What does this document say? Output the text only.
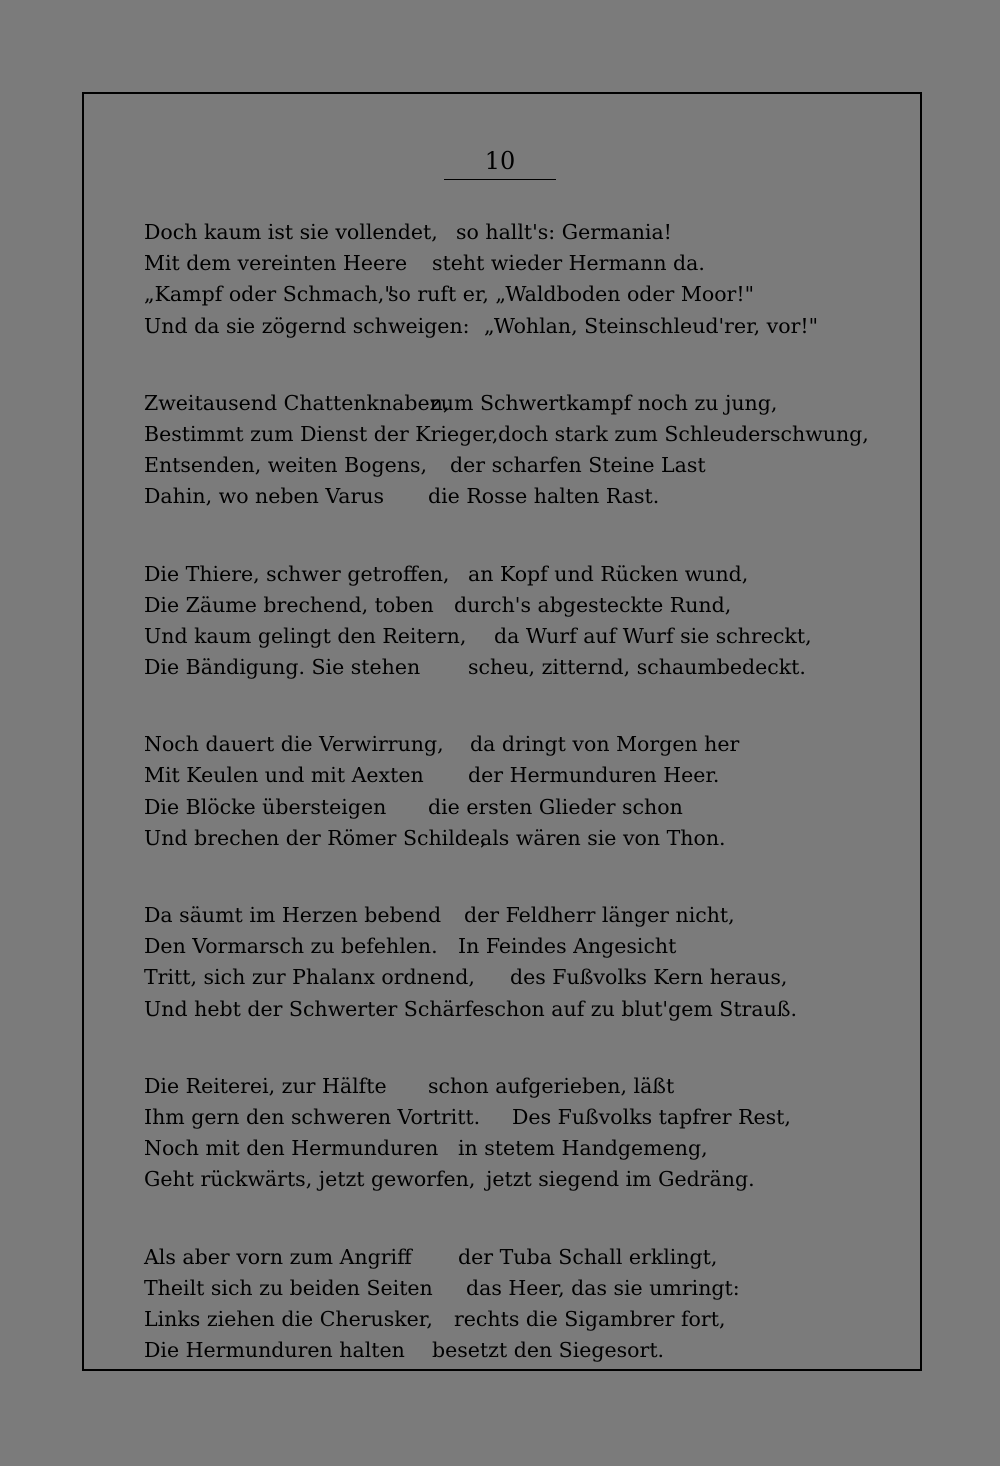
10
Doch kaum ist sie vollendet, so hallt's: Germania!
Mit dem vereinten Heere steht wieder Hermann da.
„Kampf oder Schmach,"
so ruft er, „Waldboden oder Moor!"
Und da sie zögernd schweigen: „Wohlan, Steinschleud'rer, vor!"
Zweitausend Chattenknaben,
zum Schwertkampf noch zu jung,
Bestimmt zum Dienst der Krieger, doch stark zum Schleuderschwung,
Entsenden, weiten Bogens, der scharfen Steine Last
Dahin, wo neben Varus die Rosse halten Rast.
Die Thiere, schwer getroffen, an Kopf und Rücken wund,
Die Zäume brechend, toben durch's abgesteckte Rund,
Und kaum gelingt den Reitern, da Wurf auf Wurf sie schreckt,
Die Bändigung. Sie stehen scheu, zitternd, schaumbedeckt.
Noch dauert die Verwirrung, da dringt von Morgen her
Mit Keulen und mit Aexten der Hermunduren Heer.
Die Blöcke übersteigen die ersten Glieder schon
Und brechen der Römer Schilde,
als wären sie von Thon.
Da säumt im Herzen bebend der Feldherr länger nicht,
Den Vormarsch zu befehlen. In Feindes Angesicht
Tritt, sich zur Phalanx ordnend, des Fußvolks Kern heraus,
Und hebt der Schwerter Schärfe schon auf zu blut'gem Strauß.
Die Reiterei, zur Hälfte schon aufgerieben, läßt
Ihm gern den schweren Vortritt. Des Fußvolks tapfrer Rest,
Noch mit den Hermunduren in stetem Handgemeng,
Geht rückwärts, jetzt geworfen, jetzt siegend im Gedräng.
Als aber vorn zum Angriff der Tuba Schall erklingt,
Theilt sich zu beiden Seiten das Heer, das sie umringt:
Links ziehen die Cherusker, rechts die Sigambrer fort,
Die Hermunduren halten besetzt den Siegesort.
